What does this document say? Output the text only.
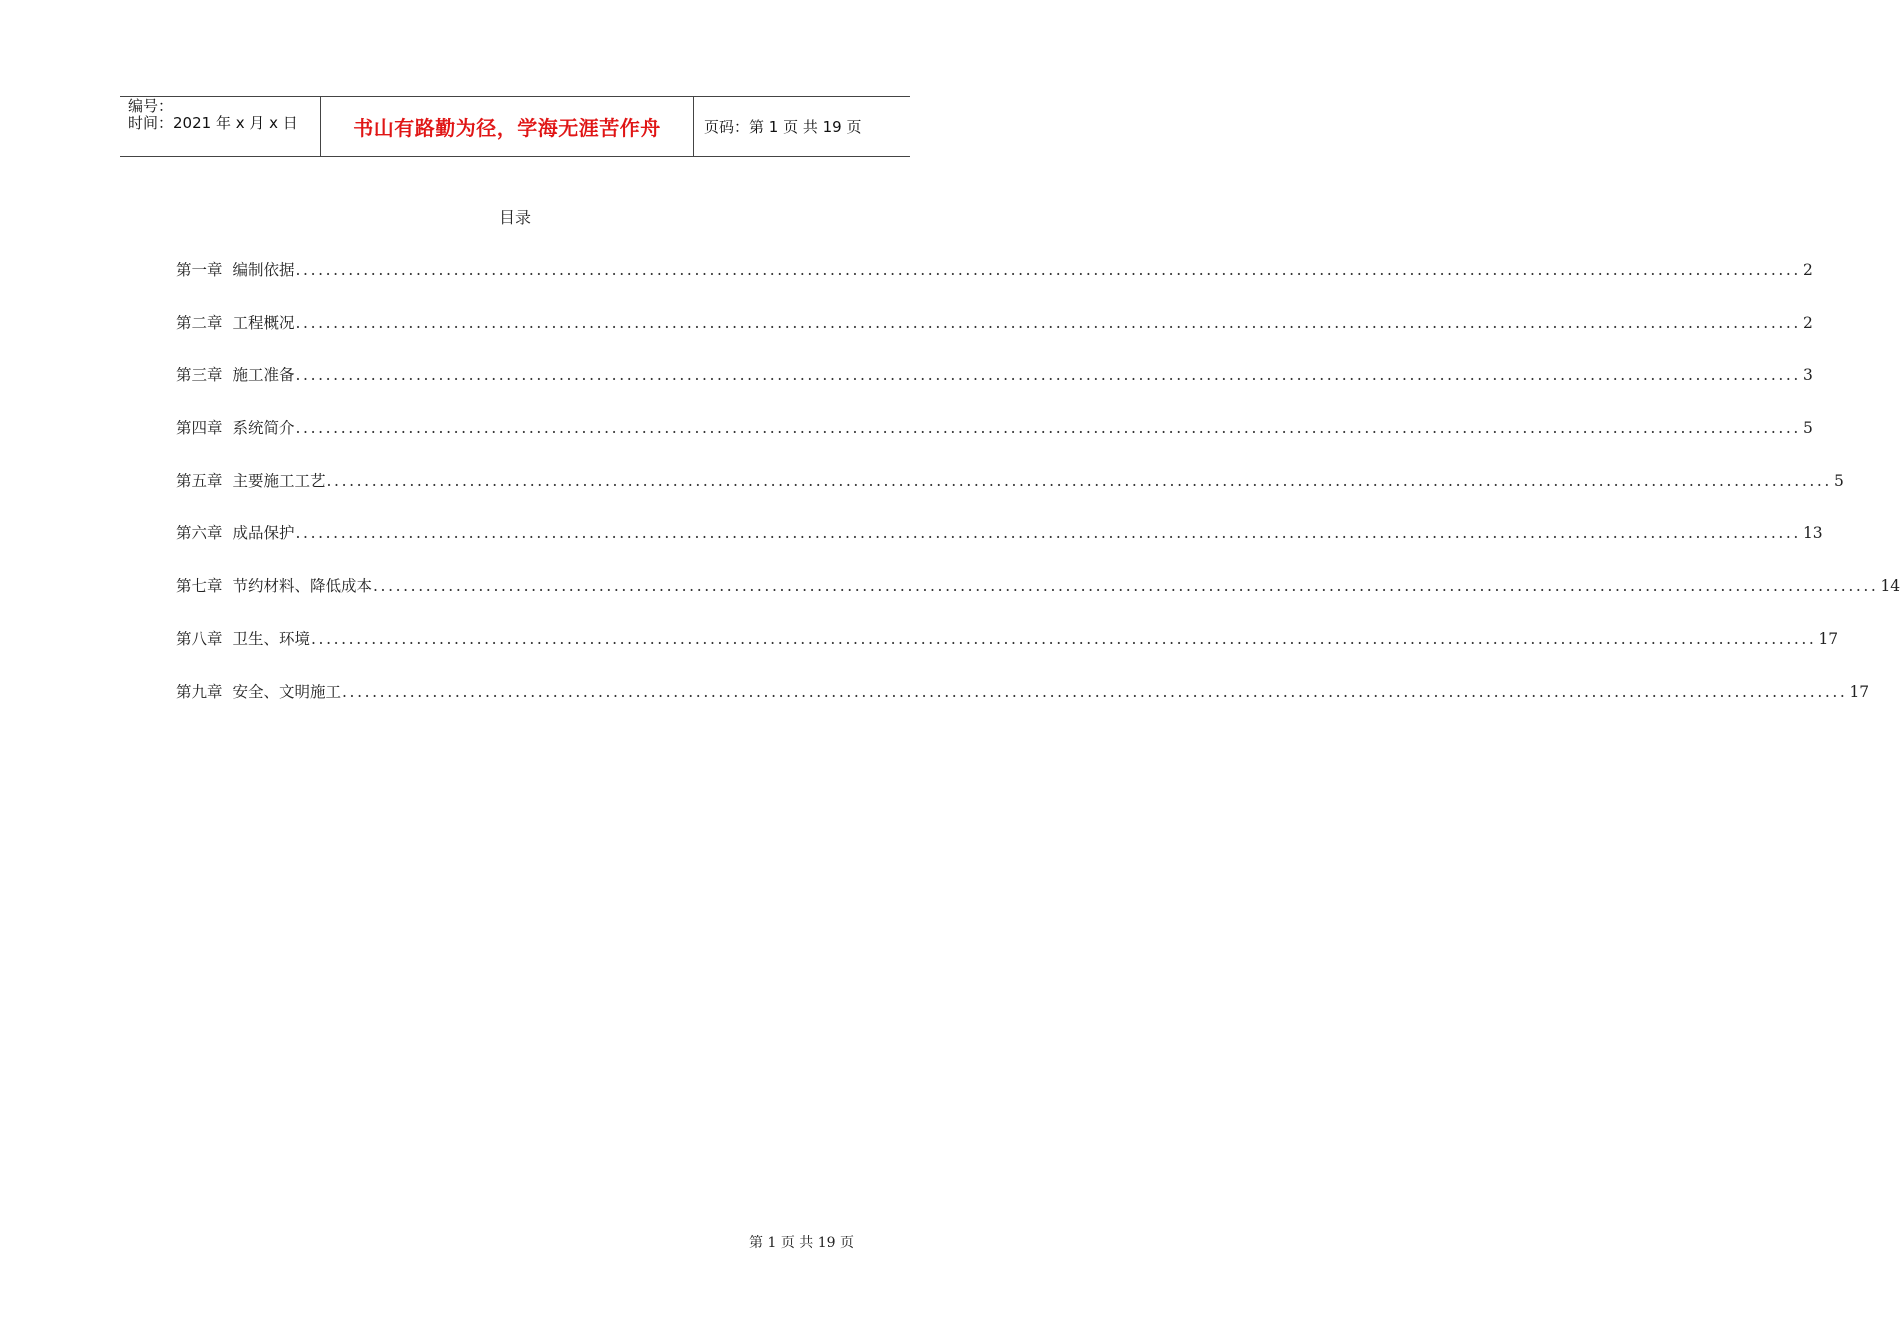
编号：
时间：2021 年 x 月 x 日	书山有路勤为径，学海无涯苦作舟	页码：第 1 页 共 19 页
目录
第一章 编制依据 ........................................................................................................................................................................................................ 2
第二章 工程概况 ........................................................................................................................................................................................................ 2
第三章 施工准备 ........................................................................................................................................................................................................ 3
第四章 系统简介 ........................................................................................................................................................................................................ 5
第五章 主要施工工艺 ........................................................................................................................................................................................................ 5
第六章 成品保护 ........................................................................................................................................................................................................ 13
第七章 节约材料、降低成本 ........................................................................................................................................................................................................ 14
第八章 卫生、环境 ........................................................................................................................................................................................................ 17
第九章 安全、文明施工 ........................................................................................................................................................................................................ 17
第 1 页 共 19 页
